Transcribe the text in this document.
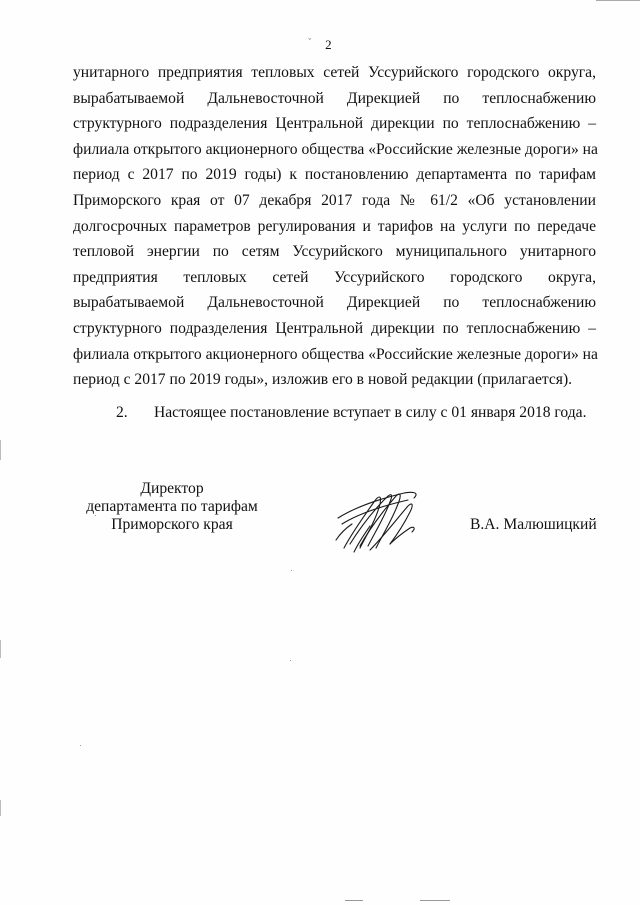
ˇ 2
унитарного предприятия тепловых сетей Уссурийского городского округа,
вырабатываемой Дальневосточной Дирекцией по теплоснабжению
структурного подразделения Центральной дирекции по теплоснабжению –
филиала открытого акционерного общества «Российские железные дороги» на
период с 2017 по 2019 годы) к постановлению департамента по тарифам
Приморского края от 07 декабря 2017 года № 61/2 «Об установлении
долгосрочных параметров регулирования и тарифов на услуги по передаче
тепловой энергии по сетям Уссурийского муниципального унитарного
предприятия тепловых сетей Уссурийского городского округа,
вырабатываемой Дальневосточной Дирекцией по теплоснабжению
структурного подразделения Центральной дирекции по теплоснабжению –
филиала открытого акционерного общества «Российские железные дороги» на
период с 2017 по 2019 годы», изложив его в новой редакции (прилагается).
2. Настоящее постановление вступает в силу с 01 января 2018 года.
Директор
департамента по тарифам
Приморского края	В.А. Малюшицкий
